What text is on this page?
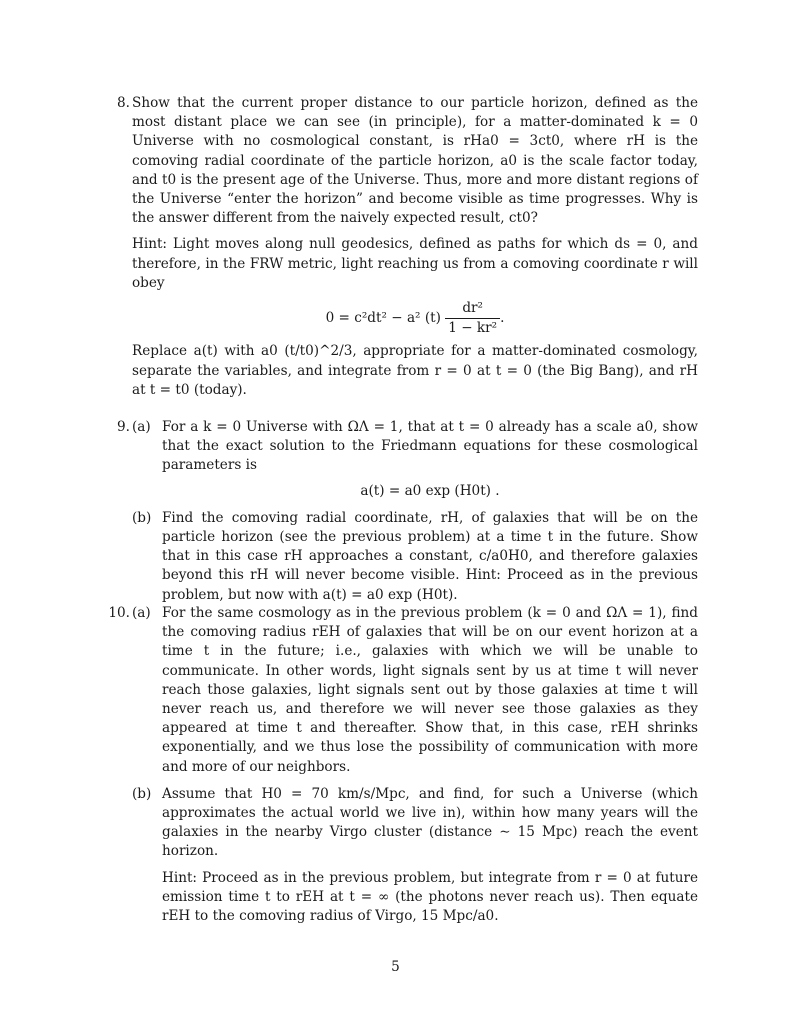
8. Show that the current proper distance to our particle horizon, defined as the most distant place we can see (in principle), for a matter-dominated k = 0 Universe with no cosmological constant, is rHa0 = 3ct0, where rH is the comoving radial coordinate of the particle horizon, a0 is the scale factor today, and t0 is the present age of the Universe. Thus, more and more distant regions of the Universe “enter the horizon” and become visible as time progresses. Why is the answer different from the naively expected result, ct0?

Hint: Light moves along null geodesics, defined as paths for which ds = 0, and therefore, in the FRW metric, light reaching us from a comoving coordinate r will obey

0 = c²dt² − a² $(t) \frac{\text{dr²}}{\text{1 − kr²}}$ .

Replace a(t) with a0 (t/t0)^2/3, appropriate for a matter-dominated cosmology, separate the variables, and integrate from r = 0 at t = 0 (the Big Bang), and rH at t = t0 (today).

9. (a) For a k = 0 Universe with ΩΛ = 1, that at t = 0 already has a scale a0, show that the exact solution to the Friedmann equations for these cosmological parameters is

a(t) = a0 exp (H0t) .
(b) Find the comoving radial coordinate, rH, of galaxies that will be on the particle horizon (see the previous problem) at a time t in the future. Show that in this case rH approaches a constant, c/a0H0, and therefore galaxies beyond this rH will never become visible. Hint: Proceed as in the previous problem, but now with a(t) = a0 exp (H0t).

10. (a) For the same cosmology as in the previous problem (k = 0 and ΩΛ = 1), find the comoving radius rEH of galaxies that will be on our event horizon at a time t in the future; i.e., galaxies with which we will be unable to communicate. In other words, light signals sent by us at time t will never reach those galaxies, light signals sent out by those galaxies at time t will never reach us, and therefore we will never see those galaxies as they appeared at time t and thereafter. Show that, in this case, rEH shrinks exponentially, and we thus lose the possibility of communication with more and more of our neighbors.

(b) Assume that H0 = 70 km/s/Mpc, and find, for such a Universe (which approximates the actual world we live in), within how many years will the galaxies in the nearby Virgo cluster (distance ∼ 15 Mpc) reach the event horizon.

Hint: Proceed as in the previous problem, but integrate from r = 0 at future emission time t to rEH at t = ∞ (the photons never reach us). Then equate rEH to the comoving radius of Virgo, 15 Mpc/a0.

5
